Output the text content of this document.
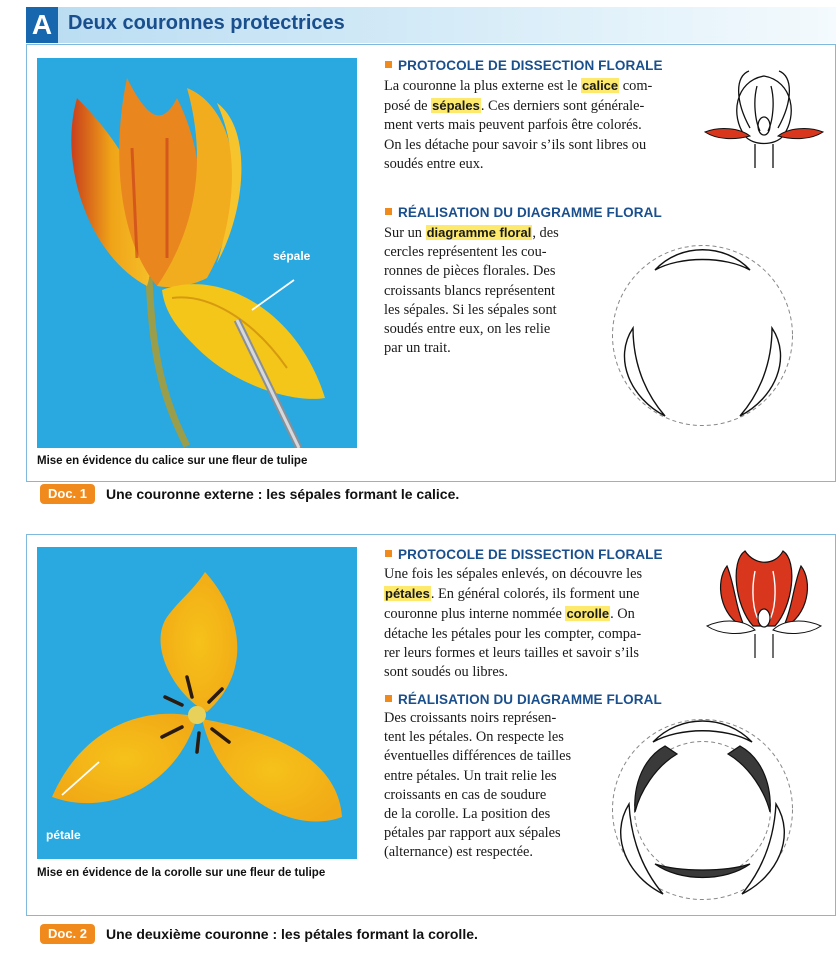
A Deux couronnes protectrices
sépale
Mise en évidence du calice sur une fleur de tulipe
PROTOCOLE DE DISSECTION FLORALE
La couronne la plus externe est le calice com-
posé de sépales. Ces derniers sont générale-
ment verts mais peuvent parfois être colorés.
On les détache pour savoir s’ils sont libres ou
soudés entre eux.
RÉALISATION DU DIAGRAMME FLORAL
Sur un diagramme floral, des
cercles représentent les cou-
ronnes de pièces florales. Des
croissants blancs représentent
les sépales. Si les sépales sont
soudés entre eux, on les relie
par un trait.
Doc. 1	Une couronne externe : les sépales formant le calice.
pétale
Mise en évidence de la corolle sur une fleur de tulipe
PROTOCOLE DE DISSECTION FLORALE
Une fois les sépales enlevés, on découvre les
pétales. En général colorés, ils forment une
couronne plus interne nommée corolle. On
détache les pétales pour les compter, compa-
rer leurs formes et leurs tailles et savoir s’ils
sont soudés ou libres.
RÉALISATION DU DIAGRAMME FLORAL
Des croissants noirs représen-
tent les pétales. On respecte les
éventuelles différences de tailles
entre pétales. Un trait relie les
croissants en cas de soudure
de la corolle. La position des
pétales par rapport aux sépales
(alternance) est respectée.
Doc. 2	Une deuxième couronne : les pétales formant la corolle.
